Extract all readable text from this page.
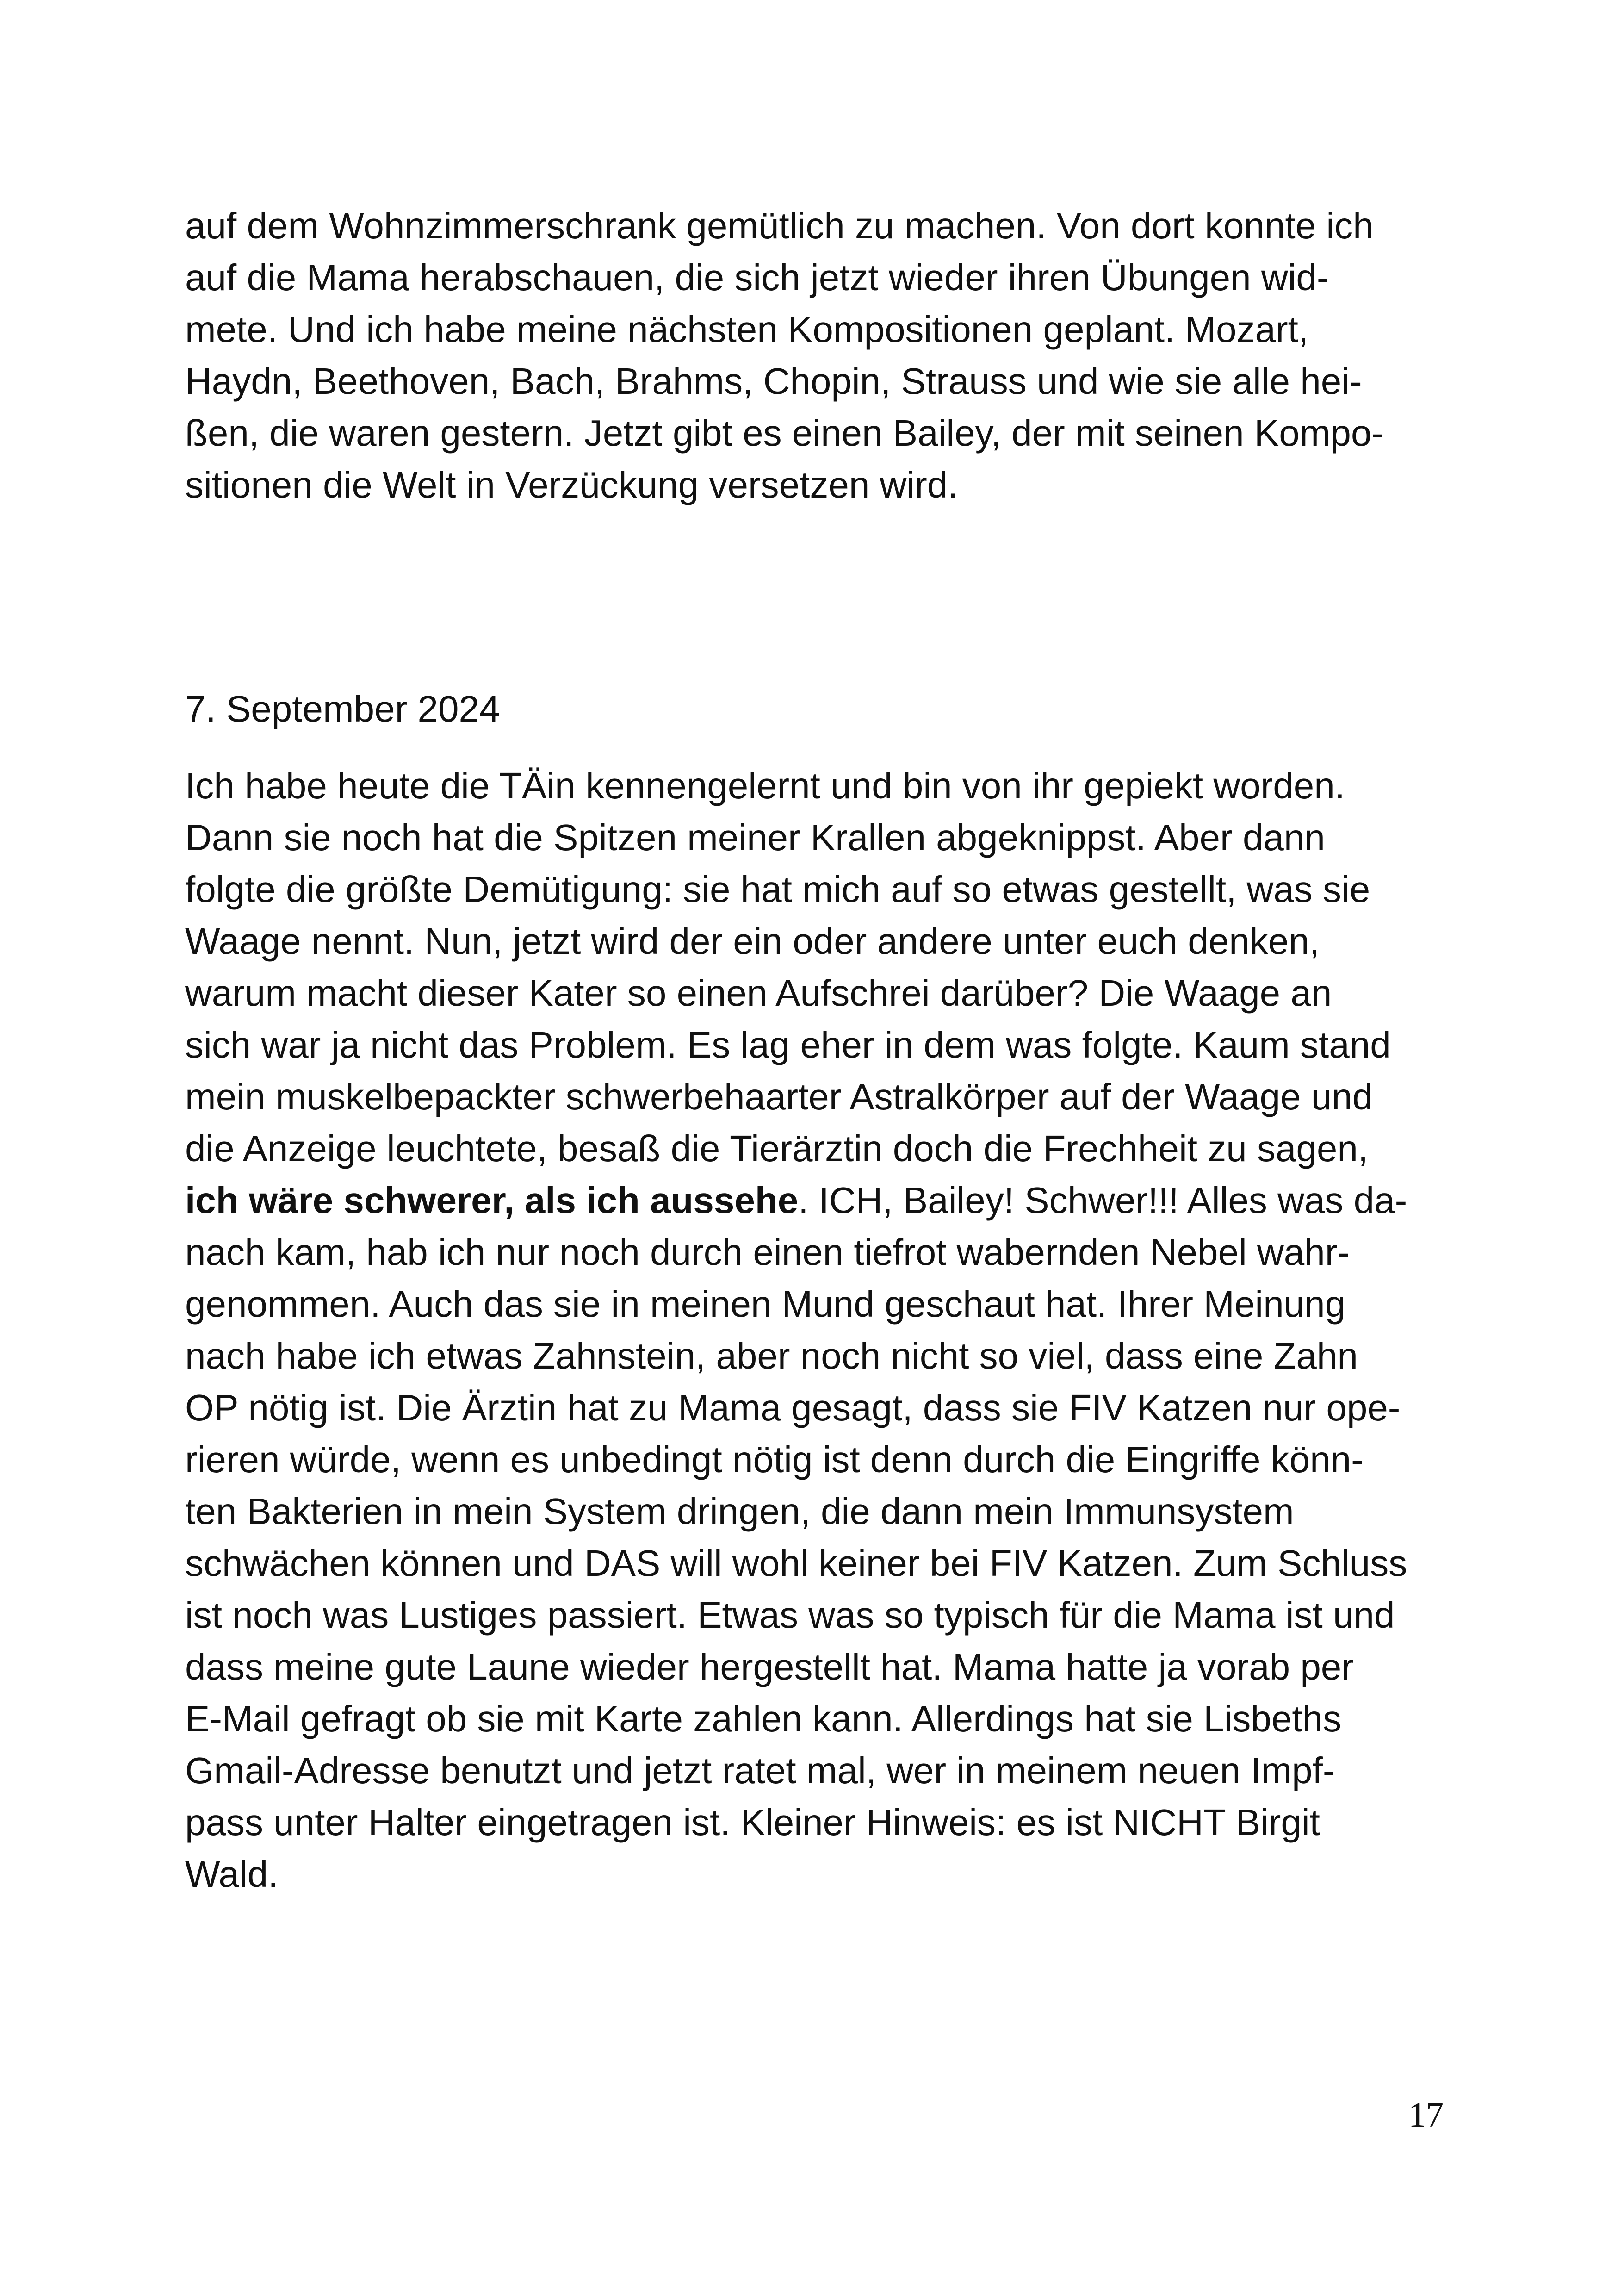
auf dem Wohnzimmerschrank gemütlich zu machen. Von dort konnte ich
auf die Mama herabschauen, die sich jetzt wieder ihren Übungen wid-
mete. Und ich habe meine nächsten Kompositionen geplant. Mozart,
Haydn, Beethoven, Bach, Brahms, Chopin, Strauss und wie sie alle hei-
ßen, die waren gestern. Jetzt gibt es einen Bailey, der mit seinen Kompo-
sitionen die Welt in Verzückung versetzen wird.

7. September 2024

Ich habe heute die TÄin kennengelernt und bin von ihr gepiekt worden.
Dann sie noch hat die Spitzen meiner Krallen abgeknippst. Aber dann
folgte die größte Demütigung: sie hat mich auf so etwas gestellt, was sie
Waage nennt. Nun, jetzt wird der ein oder andere unter euch denken,
warum macht dieser Kater so einen Aufschrei darüber? Die Waage an
sich war ja nicht das Problem. Es lag eher in dem was folgte. Kaum stand
mein muskelbepackter schwerbehaarter Astralkörper auf der Waage und
die Anzeige leuchtete, besaß die Tierärztin doch die Frechheit zu sagen,
ich wäre schwerer, als ich aussehe. ICH, Bailey! Schwer!!! Alles was da-
nach kam, hab ich nur noch durch einen tiefrot wabernden Nebel wahr-
genommen. Auch das sie in meinen Mund geschaut hat. Ihrer Meinung
nach habe ich etwas Zahnstein, aber noch nicht so viel, dass eine Zahn
OP nötig ist. Die Ärztin hat zu Mama gesagt, dass sie FIV Katzen nur ope-
rieren würde, wenn es unbedingt nötig ist denn durch die Eingriffe könn-
ten Bakterien in mein System dringen, die dann mein Immunsystem
schwächen können und DAS will wohl keiner bei FIV Katzen. Zum Schluss
ist noch was Lustiges passiert. Etwas was so typisch für die Mama ist und
dass meine gute Laune wieder hergestellt hat. Mama hatte ja vorab per
E-Mail gefragt ob sie mit Karte zahlen kann. Allerdings hat sie Lisbeths
Gmail-Adresse benutzt und jetzt ratet mal, wer in meinem neuen Impf-
pass unter Halter eingetragen ist. Kleiner Hinweis: es ist NICHT Birgit
Wald.

17
